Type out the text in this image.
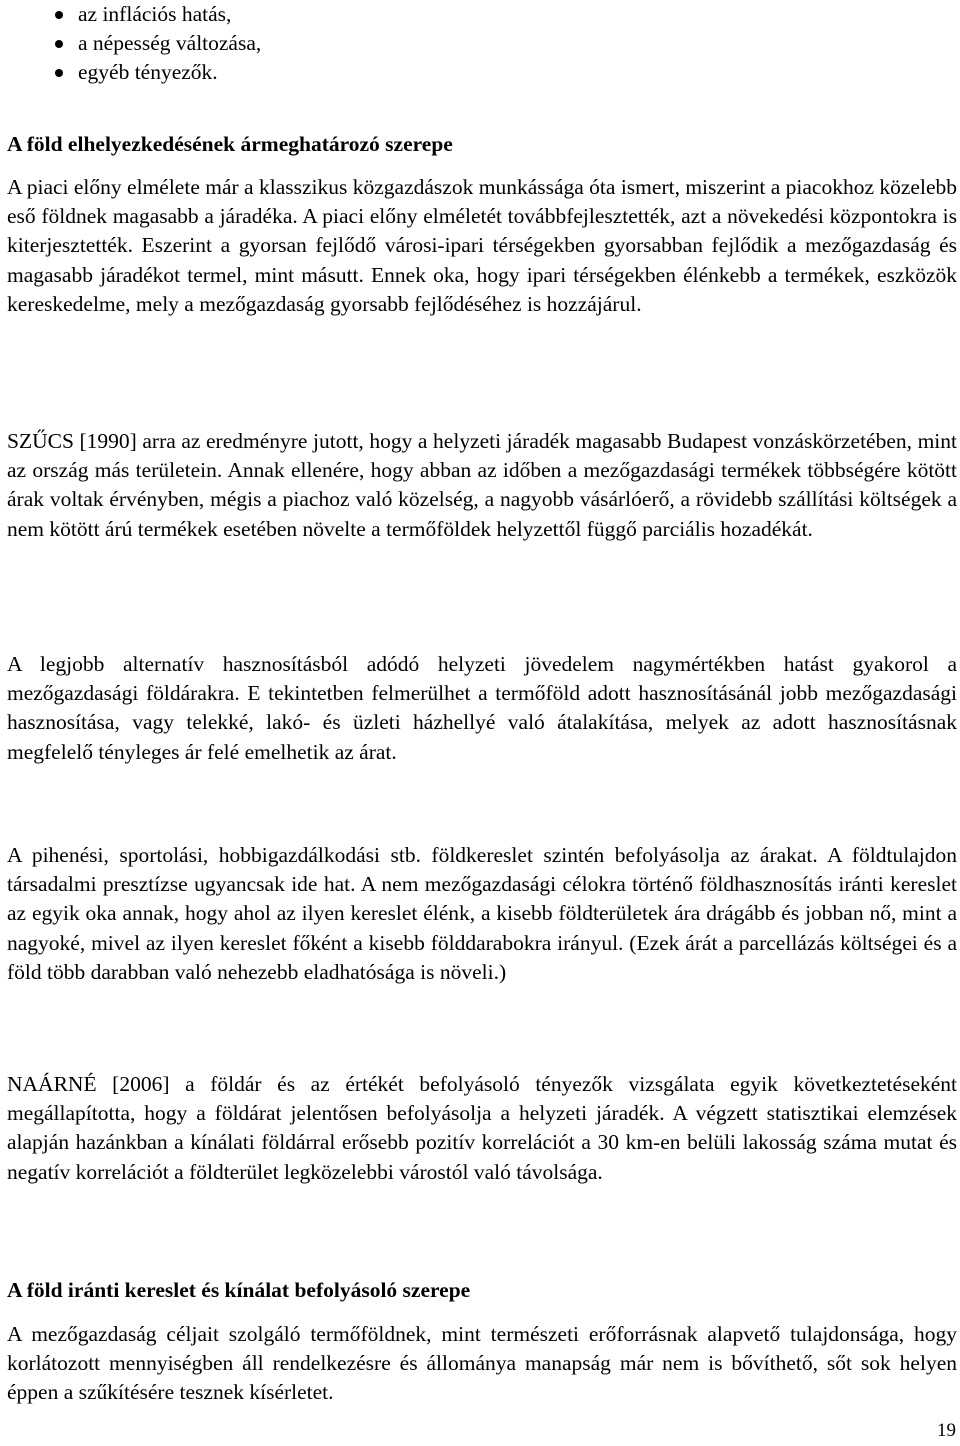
az inflációs hatás,
a népesség változása,
egyéb tényezők.
A föld elhelyezkedésének ármeghatározó szerepe

A piaci előny elmélete már a klasszikus közgazdászok munkássága óta ismert, miszerint a piacokhoz közelebb eső földnek magasabb a járadéka. A piaci előny elméletét továbbfejlesztették, azt a növekedési központokra is kiterjesztették. Eszerint a gyorsan fejlődő városi-ipari térségekben gyorsabban fejlődik a mezőgazdaság és magasabb járadékot termel, mint másutt. Ennek oka, hogy ipari térségekben élénkebb a termékek, eszközök kereskedelme, mely a mezőgazdaság gyorsabb fejlődéséhez is hozzájárul.

SZŰCS [1990] arra az eredményre jutott, hogy a helyzeti járadék magasabb Budapest vonzáskörzetében, mint az ország más területein. Annak ellenére, hogy abban az időben a mezőgazdasági termékek többségére kötött árak voltak érvényben, mégis a piachoz való közelség, a nagyobb vásárlóerő, a rövidebb szállítási költségek a nem kötött árú termékek esetében növelte a termőföldek helyzettől függő parciális hozadékát.

A legjobb alternatív hasznosításból adódó helyzeti jövedelem nagymértékben hatást gyakorol a mezőgazdasági földárakra. E tekintetben felmerülhet a termőföld adott hasznosításánál jobb mezőgazdasági hasznosítása, vagy telekké, lakó- és üzleti házhellyé való átalakítása, melyek az adott hasznosításnak megfelelő tényleges ár felé emelhetik az árat.

A pihenési, sportolási, hobbigazdálkodási stb. földkereslet szintén befolyásolja az árakat. A földtulajdon társadalmi presztízse ugyancsak ide hat. A nem mezőgazdasági célokra történő földhasznosítás iránti kereslet az egyik oka annak, hogy ahol az ilyen kereslet élénk, a kisebb földterületek ára drágább és jobban nő, mint a nagyoké, mivel az ilyen kereslet főként a kisebb földdarabokra irányul. (Ezek árát a parcellázás költségei és a föld több darabban való nehezebb eladhatósága is növeli.)

NAÁRNÉ [2006] a földár és az értékét befolyásoló tényezők vizsgálata egyik következtetéseként megállapította, hogy a földárat jelentősen befolyásolja a helyzeti járadék. A végzett statisztikai elemzések alapján hazánkban a kínálati földárral erősebb pozitív korrelációt a 30 km-en belüli lakosság száma mutat és negatív korrelációt a földterület legközelebbi várostól való távolsága.

A föld iránti kereslet és kínálat befolyásoló szerepe

A mezőgazdaság céljait szolgáló termőföldnek, mint természeti erőforrásnak alapvető tulajdonsága, hogy korlátozott mennyiségben áll rendelkezésre és állománya manapság már nem is bővíthető, sőt sok helyen éppen a szűkítésére tesznek kísérletet.

19
